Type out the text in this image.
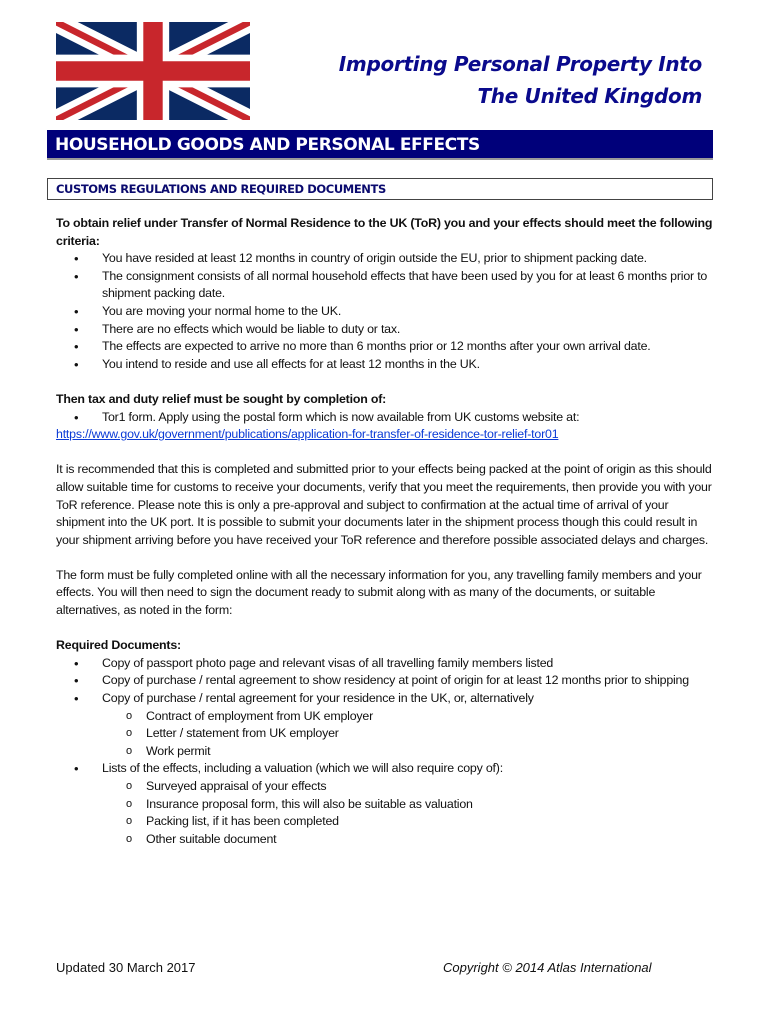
Importing Personal Property Into
The United Kingdom
HOUSEHOLD GOODS AND PERSONAL EFFECTS
CUSTOMS REGULATIONS AND REQUIRED DOCUMENTS
To obtain relief under Transfer of Normal Residence to the UK (ToR) you and your effects should meet the following criteria:
• You have resided at least 12 months in country of origin outside the EU, prior to shipment packing date.
• The consignment consists of all normal household effects that have been used by you for at least 6 months prior to shipment packing date.
• You are moving your normal home to the UK.
• There are no effects which would be liable to duty or tax.
• The effects are expected to arrive no more than 6 months prior or 12 months after your own arrival date.
• You intend to reside and use all effects for at least 12 months in the UK.
Then tax and duty relief must be sought by completion of:
• Tor1 form. Apply using the postal form which is now available from UK customs website at:
https://www.gov.uk/government/publications/application-for-transfer-of-residence-tor-relief-tor01
It is recommended that this is completed and submitted prior to your effects being packed at the point of origin as this should allow suitable time for customs to receive your documents, verify that you meet the requirements, then provide you with your ToR reference. Please note this is only a pre-approval and subject to confirmation at the actual time of arrival of your shipment into the UK port. It is possible to submit your documents later in the shipment process though this could result in your shipment arriving before you have received your ToR reference and therefore possible associated delays and charges.
The form must be fully completed online with all the necessary information for you, any travelling family members and your effects. You will then need to sign the document ready to submit along with as many of the documents, or suitable alternatives, as noted in the form:
Required Documents:
• Copy of passport photo page and relevant visas of all travelling family members listed
• Copy of purchase / rental agreement to show residency at point of origin for at least 12 months prior to shipping
• Copy of purchase / rental agreement for your residence in the UK, or, alternatively
o Contract of employment from UK employer
o Letter / statement from UK employer
o Work permit
• Lists of the effects, including a valuation (which we will also require copy of):
o Surveyed appraisal of your effects
o Insurance proposal form, this will also be suitable as valuation
o Packing list, if it has been completed
o Other suitable document
Updated 30 March 2017	Copyright © 2014 Atlas International
